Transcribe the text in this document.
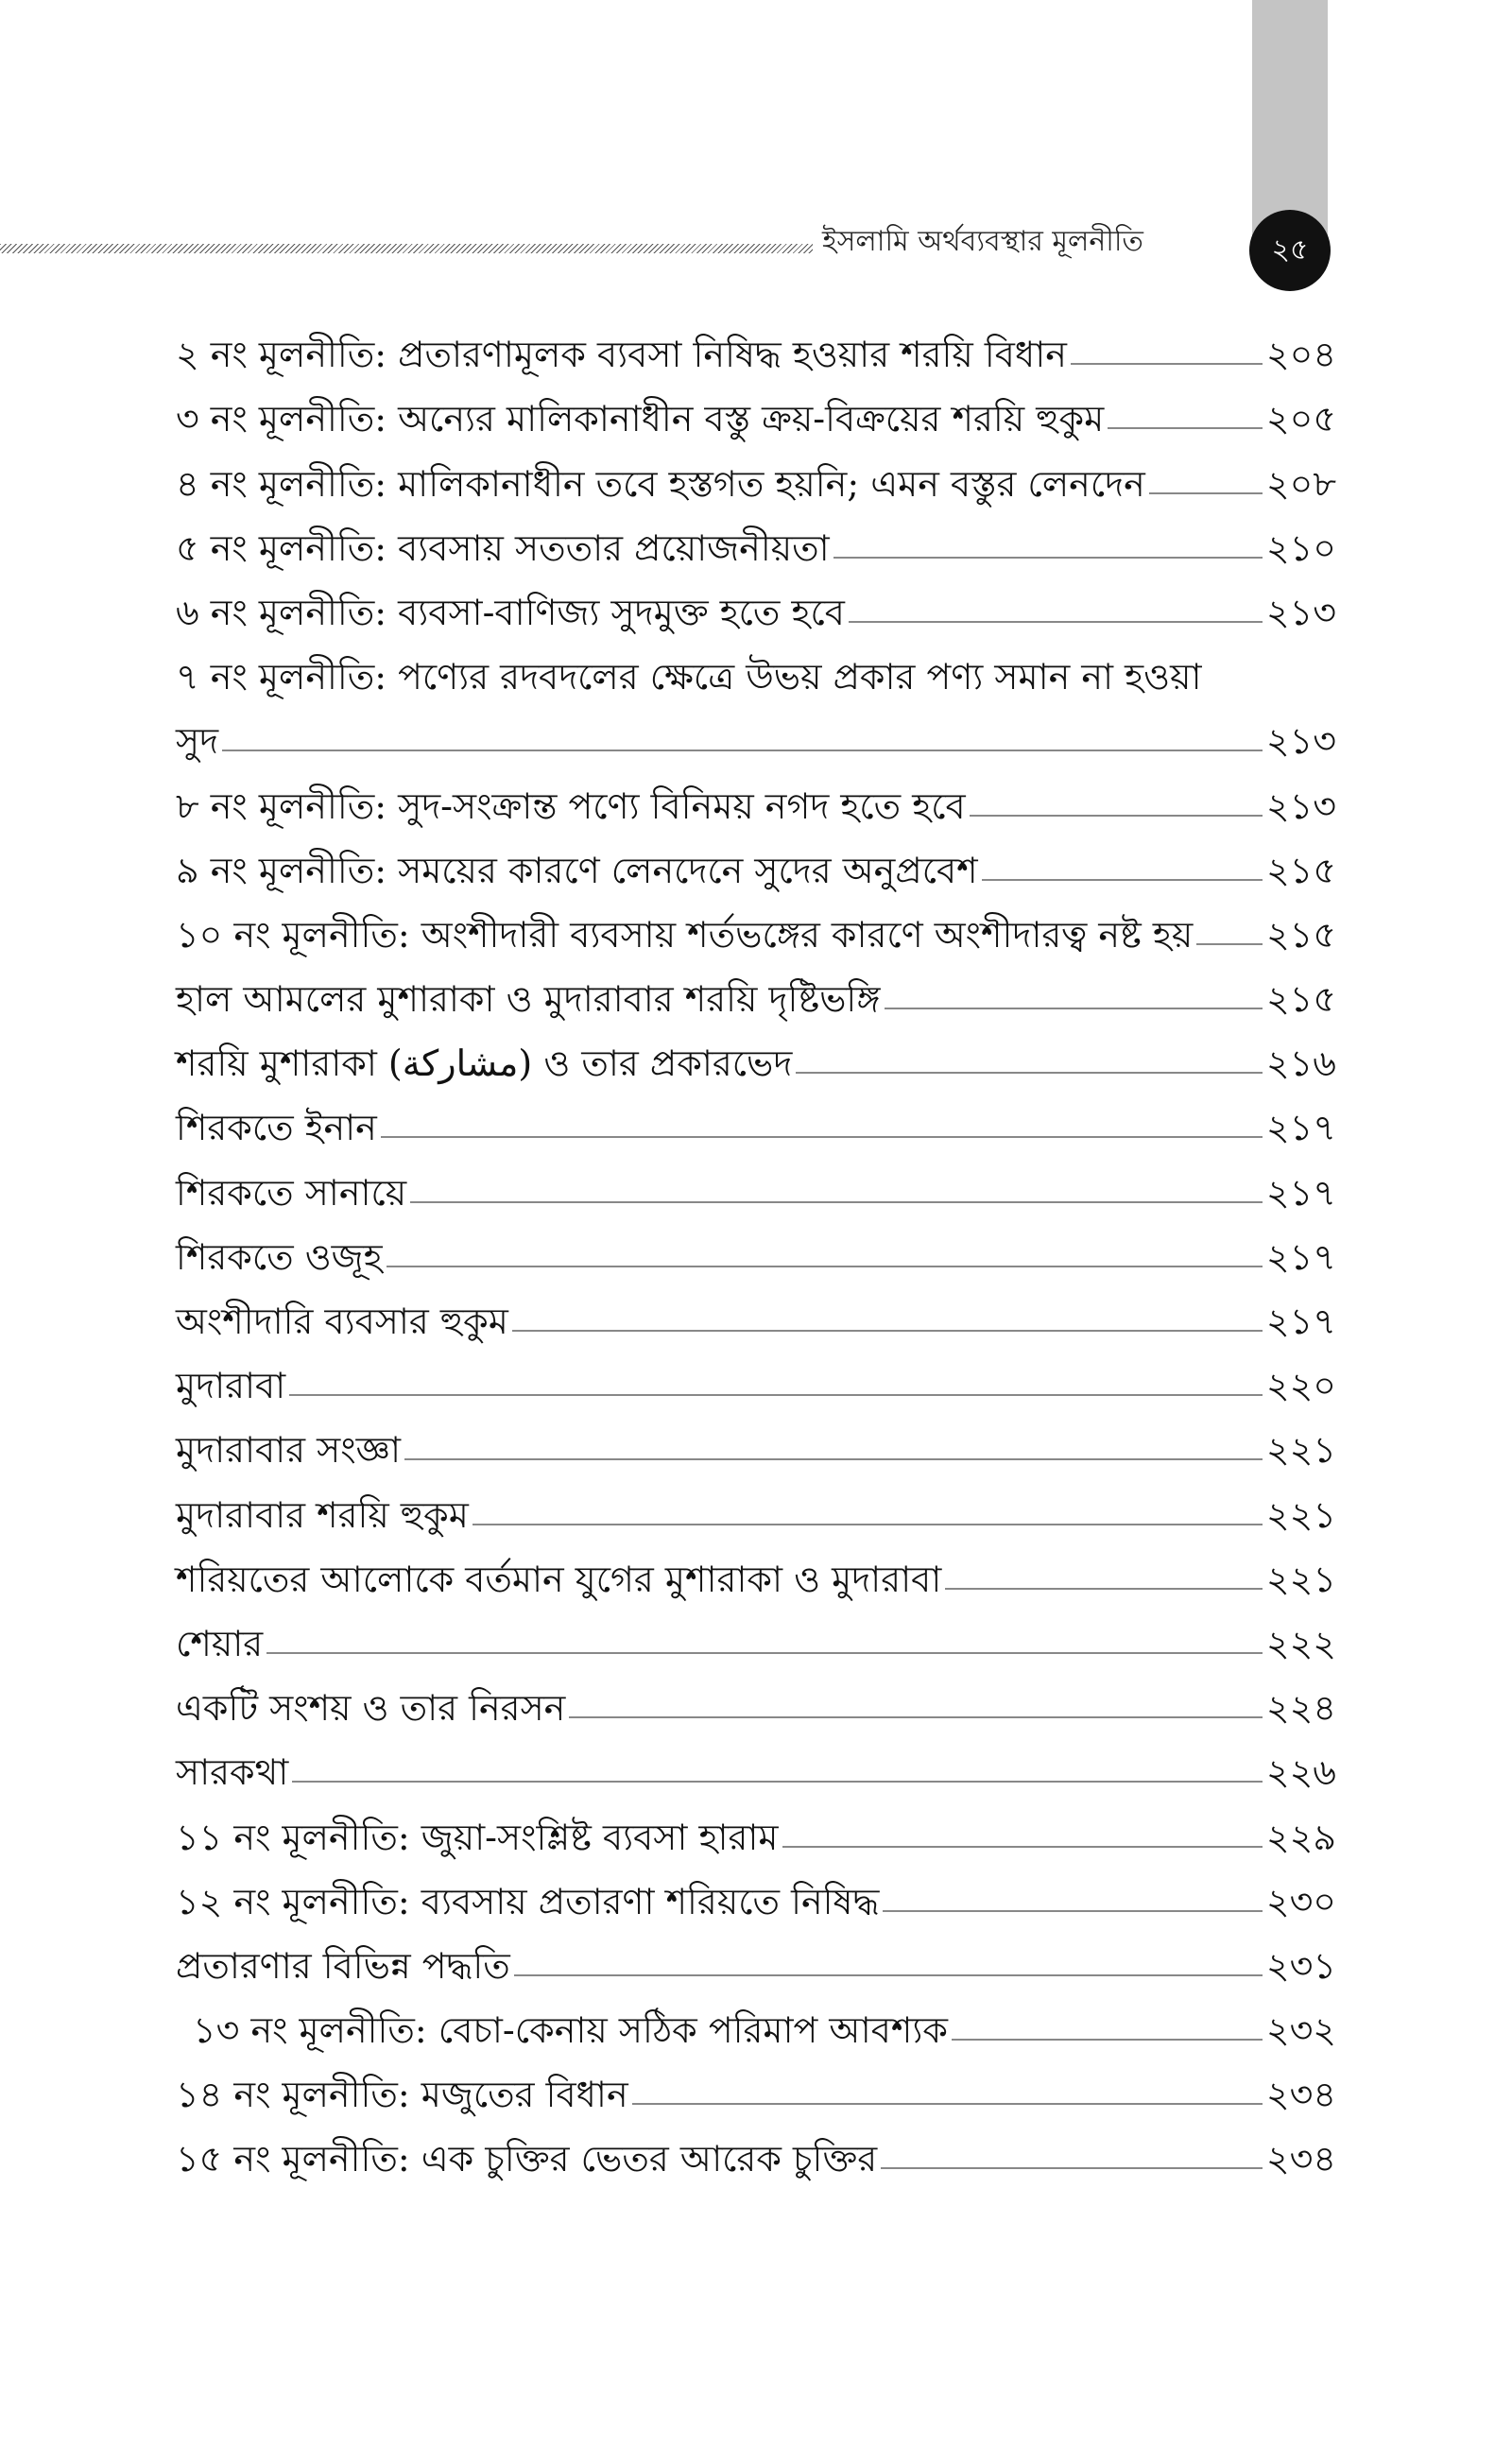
ইসলামি অর্থব্যবস্থার মূলনীতি	২৫
২ নং মূলনীতি: প্রতারণামূলক ব্যবসা নিষিদ্ধ হওয়ার শরয়ি বিধান	২০৪
৩ নং মূলনীতি: অন্যের মালিকানাধীন বস্তু ক্রয়-বিক্রয়ের শরয়ি হুকুম	২০৫
৪ নং মূলনীতি: মালিকানাধীন তবে হস্তগত হয়নি; এমন বস্তুর লেনদেন	২০৮
৫ নং মূলনীতি: ব্যবসায় সততার প্রয়োজনীয়তা	২১০
৬ নং মূলনীতি: ব্যবসা-বাণিজ্য সুদমুক্ত হতে হবে	২১৩
৭ নং মূলনীতি: পণ্যের রদবদলের ক্ষেত্রে উভয় প্রকার পণ্য সমান না হওয়া
সুদ	২১৩
৮ নং মূলনীতি: সুদ-সংক্রান্ত পণ্যে বিনিময় নগদ হতে হবে	২১৩
৯ নং মূলনীতি: সময়ের কারণে লেনদেনে সুদের অনুপ্রবেশ	২১৫
১০ নং মূলনীতি: অংশীদারী ব্যবসায় শর্তভঙ্গের কারণে অংশীদারত্ব নষ্ট হয় ২১৫
হাল আমলের মুশারাকা ও মুদারাবার শরয়ি দৃষ্টিভঙ্গি	২১৫
শরয়ি মুশারাকা (مشاركة) ও তার প্রকারভেদ	২১৬
শিরকতে ইনান	২১৭
শিরকতে সানায়ে	২১৭
শিরকতে ওজূহ	২১৭
অংশীদারি ব্যবসার হুকুম	২১৭
মুদারাবা	২২০
মুদারাবার সংজ্ঞা	২২১
মুদারাবার শরয়ি হুকুম	২২১
শরিয়তের আলোকে বর্তমান যুগের মুশারাকা ও মুদারাবা	২২১
শেয়ার	২২২
একটি সংশয় ও তার নিরসন	২২৪
সারকথা	২২৬
১১ নং মূলনীতি: জুয়া-সংশ্লিষ্ট ব্যবসা হারাম	২২৯
১২ নং মূলনীতি: ব্যবসায় প্রতারণা শরিয়তে নিষিদ্ধ	২৩০
প্রতারণার বিভিন্ন পদ্ধতি	২৩১
১৩ নং মূলনীতি: বেচা-কেনায় সঠিক পরিমাপ আবশ্যক	২৩২
১৪ নং মূলনীতি: মজুতের বিধান	২৩৪
১৫ নং মূলনীতি: এক চুক্তির ভেতর আরেক চুক্তির	২৩৪
